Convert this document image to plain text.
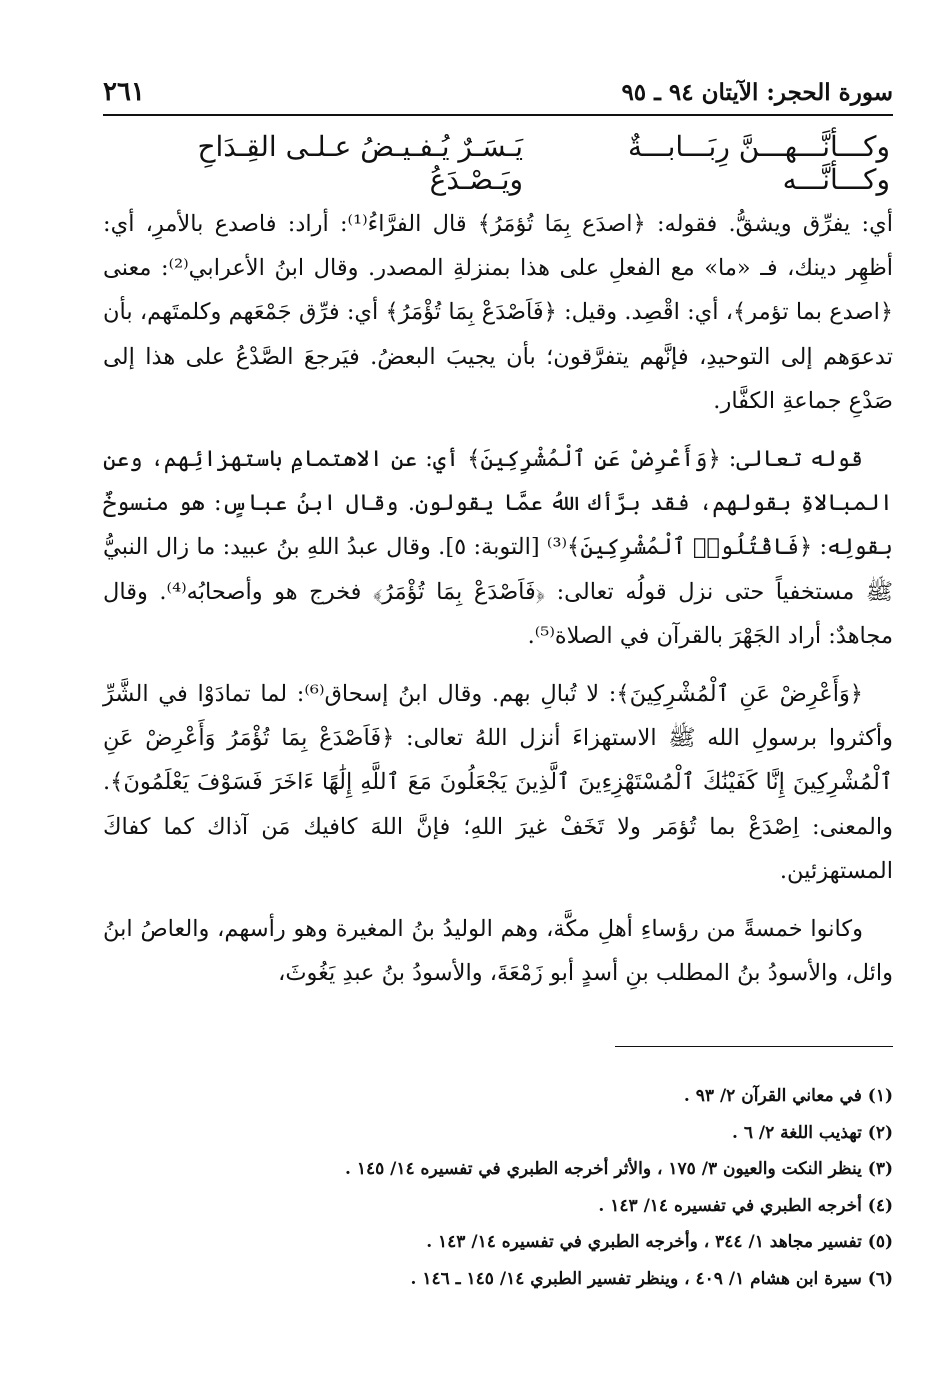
سورة الحجر: الآيتان ٩٤ ـ ٩٥
٢٦١
وكـــأنَّـــهـــنَّ رِبَـــابـــةٌ وكـــأنَّـــه
يَـسَـرٌ يُـفـيـضُ عـلـى القِـدَاحِ ويَـصْـدَعُ

أي: يفرِّق ويشقُّ. فقوله: ﴿اصدَع بِمَا تُؤمَرُ﴾ قال الفرَّاءُ⁽¹⁾: أراد: فاصدع بالأمرِ، أي: أظهِر دينك، فـ «ما» مع الفعلِ على هذا بمنزلةِ المصدر. وقال ابنُ الأعرابي⁽²⁾: معنى ﴿اصدع بما تؤمر﴾، أي: اقْصِد. وقيل: ﴿فَاَصْدَعْ بِمَا تُؤْمَرُ﴾ أي: فرِّق جَمْعَهم وكلمتَهم، بأن تدعوَهم إلى التوحيدِ، فإنَّهم يتفرَّقون؛ بأن يجيبَ البعضُ. فيَرجعَ الصَّدْعُ على هذا إلى صَدْعِ جماعةِ الكفَّار.

قوله تعالى: ﴿وَأَعْرِضْ عَنِ ٱلْمُشْرِكِينَ﴾ أي: عن الاهتمامِ باستهزائِهم، وعن المبالاةِ بقولهم، فقد برَّأك اللهُ عمَّا يقولون. وقال ابنُ عباسٍ: هو منسوخٌ بقولِه: ﴿فَاقْتُلُوا۟ ٱلْمُشْرِكِينَ﴾⁽³⁾ [التوبة: ٥]. وقال عبدُ اللهِ بنُ عبيد: ما زال النبيُّ ﷺ مستخفياً حتى نزل قولُه تعالى: ﴿فَاَصْدَعْ بِمَا تُؤْمَرُ﴾ فخرج هو وأصحابُه⁽⁴⁾. وقال مجاهدٌ: أراد الجَهْرَ بالقرآن في الصلاة⁽⁵⁾.

﴿وَأَعْرِضْ عَنِ ٱلْمُشْرِكِينَ﴾: لا تُبالِ بهم. وقال ابنُ إسحاق⁽⁶⁾: لما تمادَوْا في الشَّرِّ وأكثروا برسولِ الله ﷺ الاستهزاءَ أنزل اللهُ تعالى: ﴿فَاَصْدَعْ بِمَا تُؤْمَرُ وَأَعْرِضْ عَنِ ٱلْمُشْرِكِينَ إِنَّا كَفَيْنَٰكَ ٱلْمُسْتَهْزِءِينَ ٱلَّذِينَ يَجْعَلُونَ مَعَ ٱللَّهِ إِلَٰهًا ءَاخَرَ فَسَوْفَ يَعْلَمُونَ﴾. والمعنى: اِصْدَعْ بما تُؤمَر ولا تَخَفْ غيرَ اللهِ؛ فإنَّ اللهَ كافيك مَن آذاك كما كفاكَ المستهزئين.

وكانوا خمسةً من رؤساءِ أهلِ مكَّة، وهم الوليدُ بنُ المغيرة وهو رأسهم، والعاصُ ابنُ وائل، والأسودُ بنُ المطلب بنِ أسدٍ أبو زَمْعَةَ، والأسودُ بنُ عبدِ يَغُوثَ،

(١) في معاني القرآن ٢/ ٩٣ .
(٢) تهذيب اللغة ٢/ ٦ .
(٣) ينظر النكت والعيون ٣/ ١٧٥ ، والأثر أخرجه الطبري في تفسيره ١٤/ ١٤٥ .
(٤) أخرجه الطبري في تفسيره ١٤/ ١٤٣ .
(٥) تفسير مجاهد ١/ ٣٤٤ ، وأخرجه الطبري في تفسيره ١٤/ ١٤٣ .
(٦) سيرة ابن هشام ١/ ٤٠٩ ، وينظر تفسير الطبري ١٤/ ١٤٥ ـ ١٤٦ .
